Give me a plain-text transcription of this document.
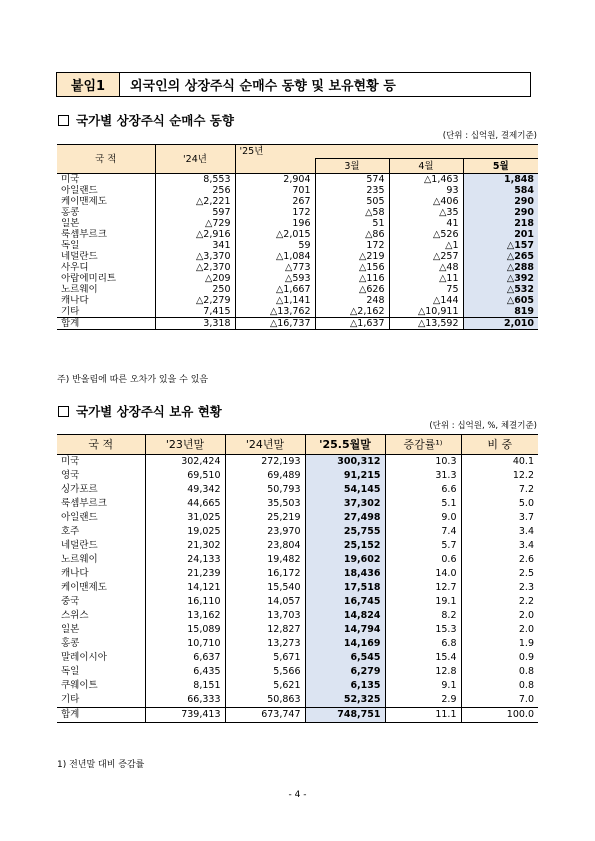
붙임1	외국인의 상장주식 순매수 동향 및 보유현황 등
국가별 상장주식 순매수 동향
(단위 : 십억원, 결제기준)
국 적	'24년	'25년			
			3월	4월	5월
미국	8,553	2,904	574	△1,463	1,848
아일랜드	256	701	235	93	584
케이맨제도	△2,221	267	505	△406	290
홍콩	597	172	△58	△35	290
일본	△729	196	51	41	218
룩셈부르크	△2,916	△2,015	△86	△526	201
독일	341	59	172	△1	△157
네덜란드	△3,370	△1,084	△219	△257	△265
사우디	△2,370	△773	△156	△48	△288
아랍에미리트	△209	△593	△116	△11	△392
노르웨이	250	△1,667	△626	75	△532
캐나다	△2,279	△1,141	248	△144	△605
기타	7,415	△13,762	△2,162	△10,911	819
합계	3,318	△16,737	△1,637	△13,592	2,010
주) 반올림에 따른 오차가 있을 수 있음
국가별 상장주식 보유 현황
(단위 : 십억원, %, 체결기준)
국 적	'23년말	'24년말	'25.5월말	증감률¹⁾	비 중
미국	302,424	272,193	300,312	10.3	40.1
영국	69,510	69,489	91,215	31.3	12.2
싱가포르	49,342	50,793	54,145	6.6	7.2
룩셈부르크	44,665	35,503	37,302	5.1	5.0
아일랜드	31,025	25,219	27,498	9.0	3.7
호주	19,025	23,970	25,755	7.4	3.4
네덜란드	21,302	23,804	25,152	5.7	3.4
노르웨이	24,133	19,482	19,602	0.6	2.6
캐나다	21,239	16,172	18,436	14.0	2.5
케이맨제도	14,121	15,540	17,518	12.7	2.3
중국	16,110	14,057	16,745	19.1	2.2
스위스	13,162	13,703	14,824	8.2	2.0
일본	15,089	12,827	14,794	15.3	2.0
홍콩	10,710	13,273	14,169	6.8	1.9
말레이시아	6,637	5,671	6,545	15.4	0.9
독일	6,435	5,566	6,279	12.8	0.8
쿠웨이트	8,151	5,621	6,135	9.1	0.8
기타	66,333	50,863	52,325	2.9	7.0
합계	739,413	673,747	748,751	11.1	100.0
1) 전년말 대비 증감률
- 4 -
